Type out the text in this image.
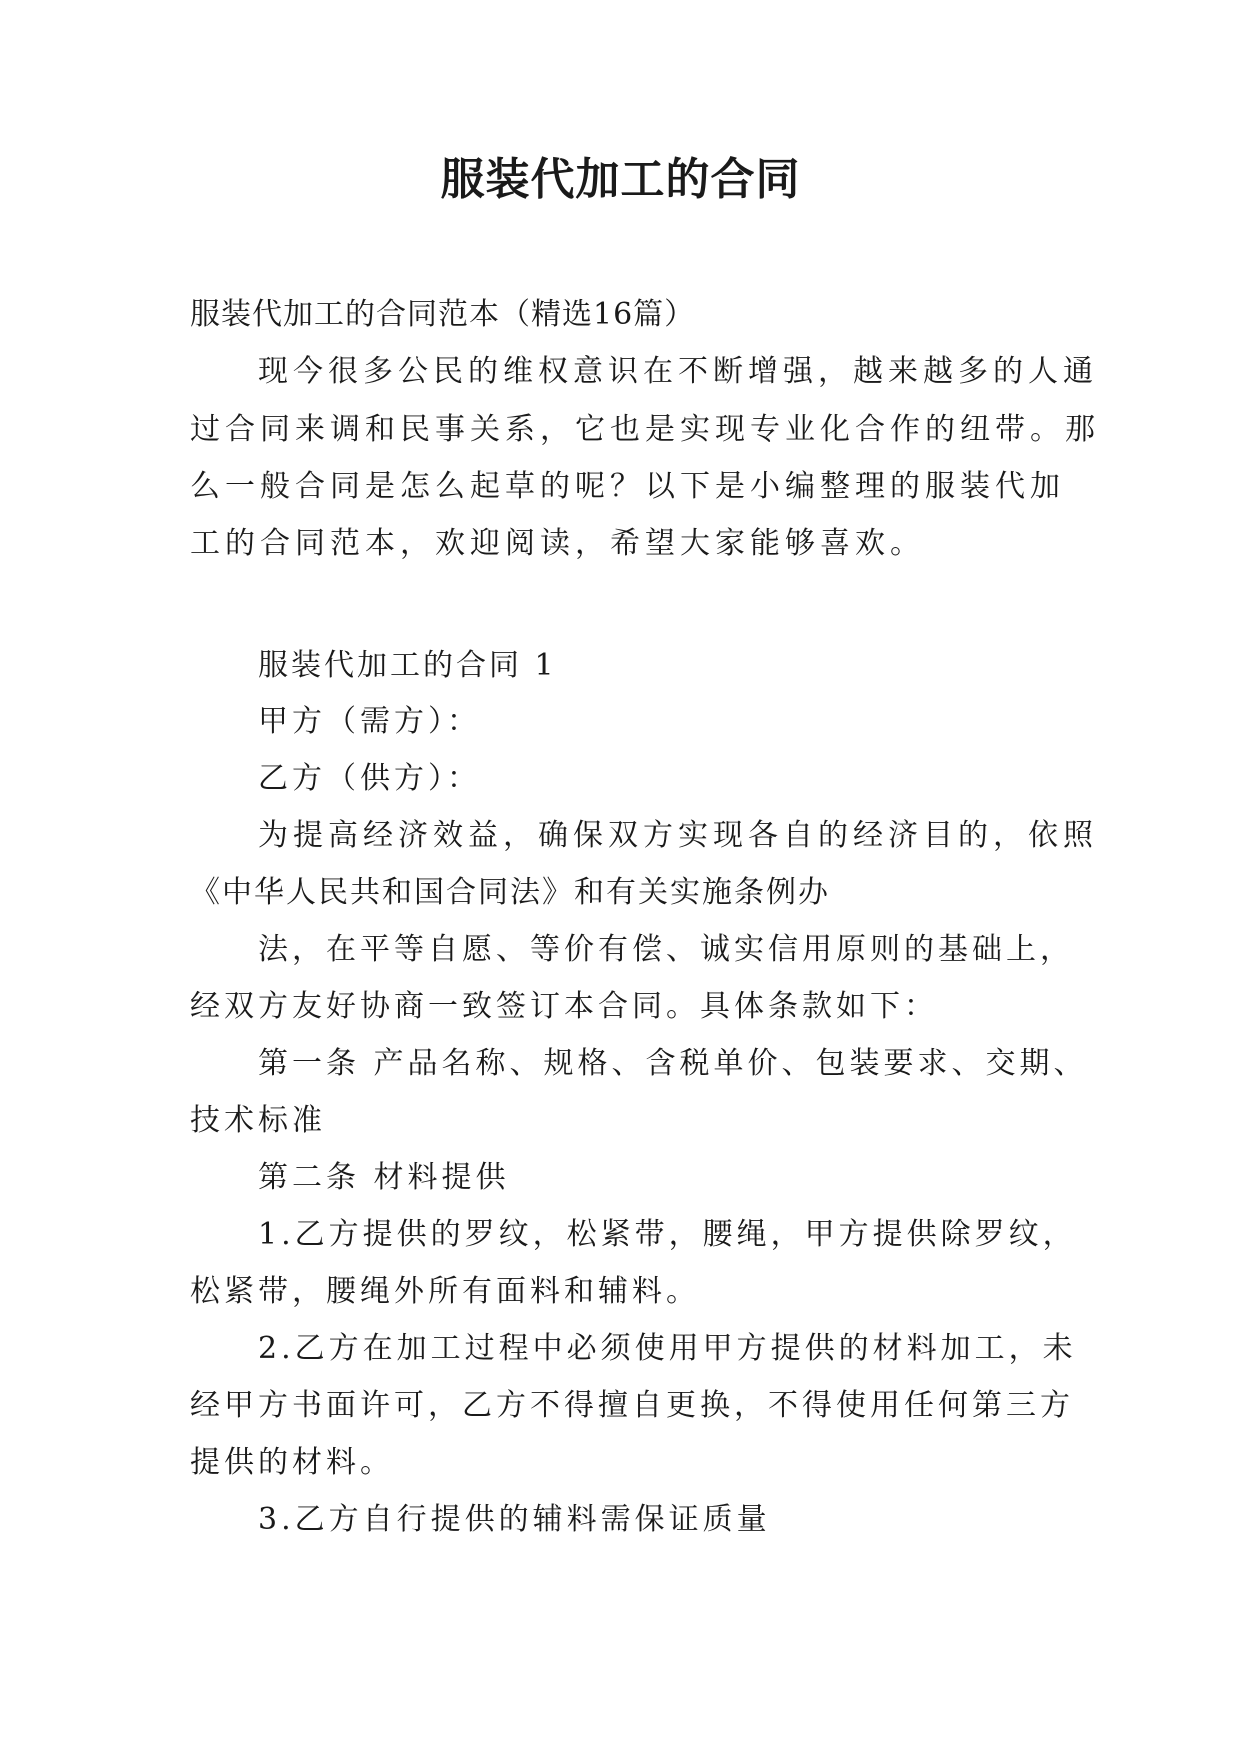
服装代加工的合同

服装代加工的合同范本（精选16篇）

现今很多公民的维权意识在不断增强，越来越多的人通

过合同来调和民事关系，它也是实现专业化合作的纽带。那

么一般合同是怎么起草的呢？以下是小编整理的服装代加

工的合同范本，欢迎阅读，希望大家能够喜欢。

服装代加工的合同 1

甲方（需方）：

乙方（供方）：

为提高经济效益，确保双方实现各自的经济目的，依照

《中华人民共和国合同法》和有关实施条例办

法，在平等自愿、等价有偿、诚实信用原则的基础上，

经双方友好协商一致签订本合同。具体条款如下：

第一条 产品名称、规格、含税单价、包装要求、交期、

技术标准

第二条 材料提供

1.乙方提供的罗纹，松紧带，腰绳，甲方提供除罗纹，

松紧带，腰绳外所有面料和辅料。

2.乙方在加工过程中必须使用甲方提供的材料加工，未

经甲方书面许可，乙方不得擅自更换，不得使用任何第三方

提供的材料。

3.乙方自行提供的辅料需保证质量
